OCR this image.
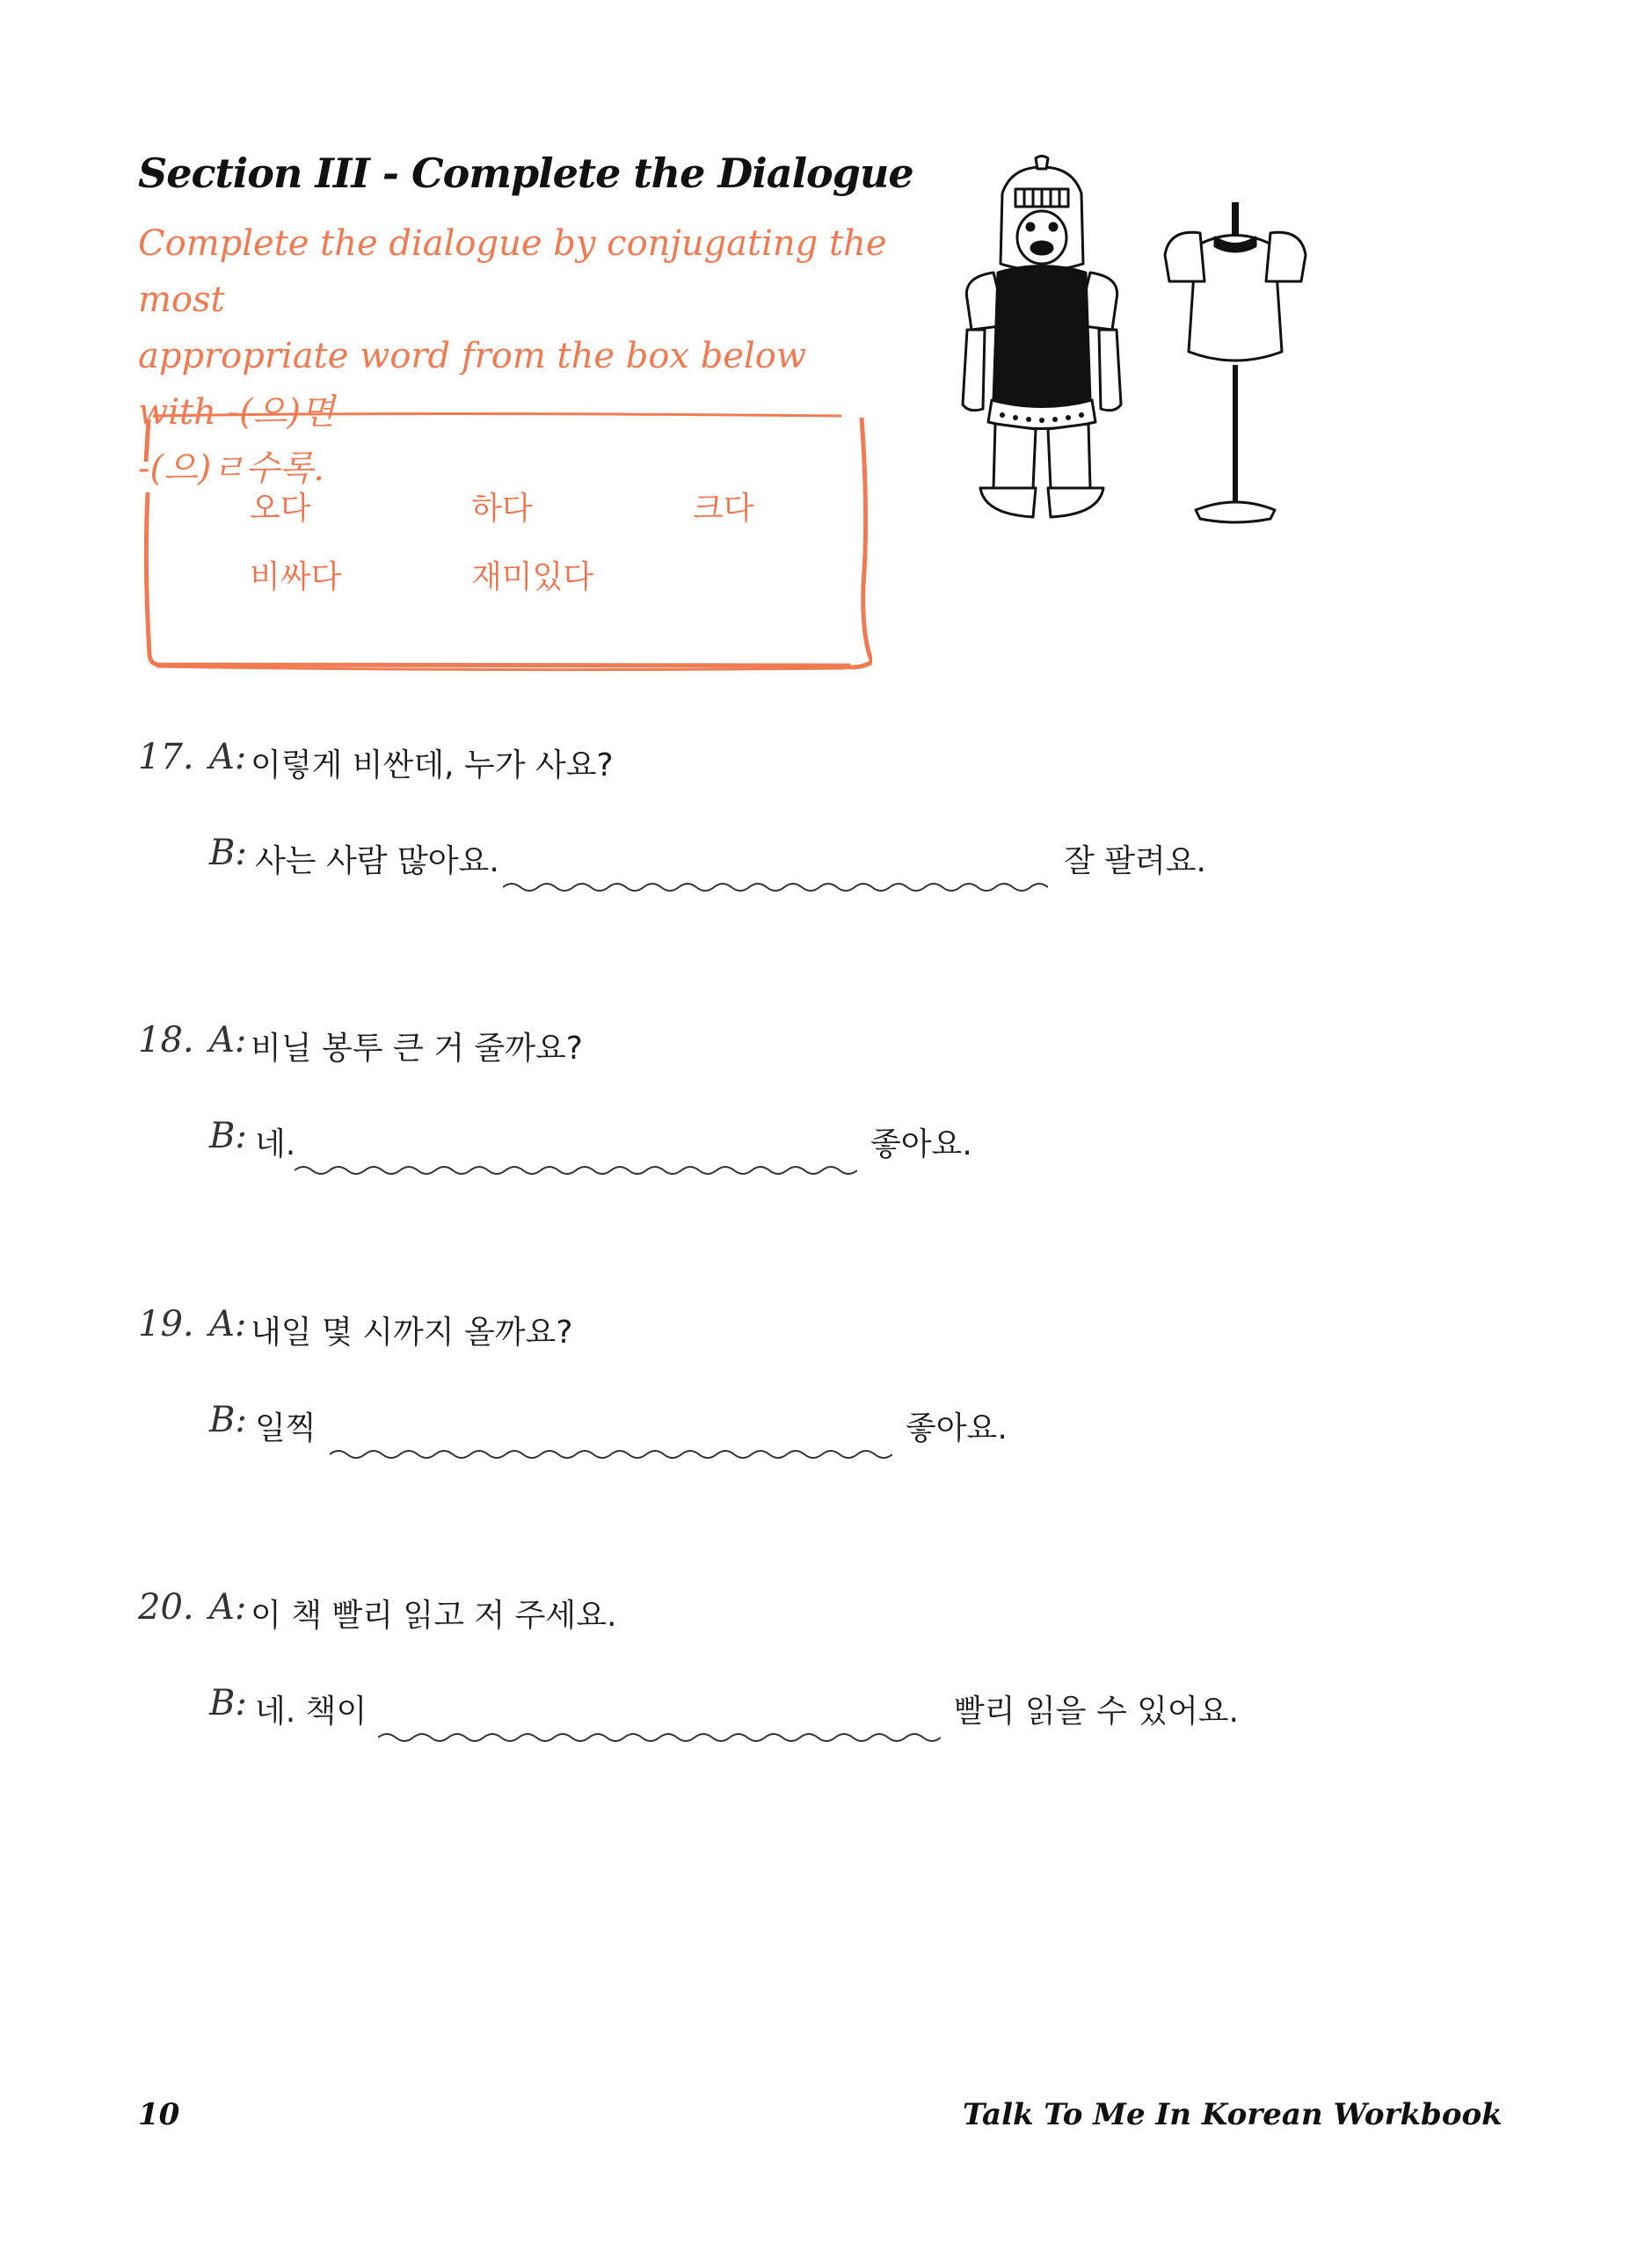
Section III - Complete the Dialogue
Complete the dialogue by conjugating the most
appropriate word from the box below with -(으)면
-(으)ㄹ수록.
오다	하다	크다
비싸다	재미있다
17. A: 이렇게 비싼데, 누가 사요?
B: 사는 사람 많아요.	잘 팔려요.
18. A: 비닐 봉투 큰 거 줄까요?
B: 네.	좋아요.
19. A: 내일 몇 시까지 올까요?
B: 일찍	좋아요.
20. A: 이 책 빨리 읽고 저 주세요.
B: 네. 책이	빨리 읽을 수 있어요.
10	Talk To Me In Korean Workbook
